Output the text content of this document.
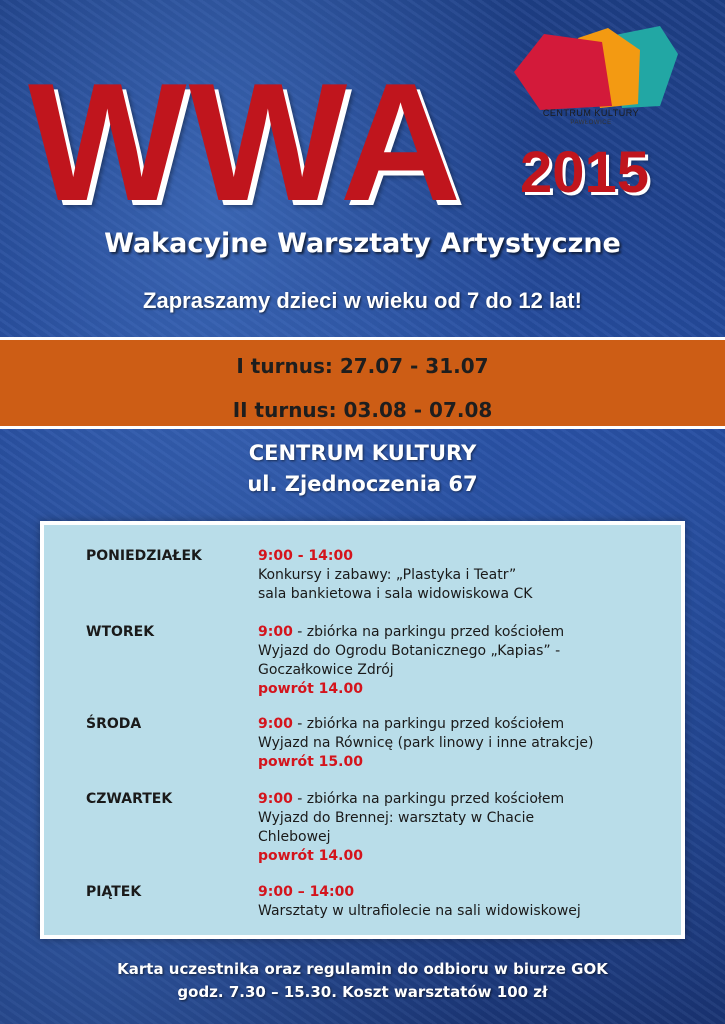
CENTRUM KULTURY
PAWŁOWICE
WWA 2015
Wakacyjne Warsztaty Artystyczne
Zapraszamy dzieci w wieku od 7 do 12 lat!
I turnus: 27.07 - 31.07
II turnus: 03.08 - 07.08
CENTRUM KULTURY
ul. Zjednoczenia 67
PONIEDZIAŁEK	9:00 - 14:00
Konkursy i zabawy: „Plastyka i Teatr”
sala bankietowa i sala widowiskowa CK
WTOREK	9:00 - zbiórka na parkingu przed kościołem
Wyjazd do Ogrodu Botanicznego „Kapias” -
Goczałkowice Zdrój
powrót 14.00
ŚRODA	9:00 - zbiórka na parkingu przed kościołem
Wyjazd na Równicę (park linowy i inne atrakcje)
powrót 15.00
CZWARTEK	9:00 - zbiórka na parkingu przed kościołem
Wyjazd do Brennej: warsztaty w Chacie
Chlebowej
powrót 14.00
PIĄTEK	9:00 – 14:00
Warsztaty w ultrafiolecie na sali widowiskowej
Karta uczestnika oraz regulamin do odbioru w biurze GOK
godz. 7.30 – 15.30. Koszt warsztatów 100 zł
